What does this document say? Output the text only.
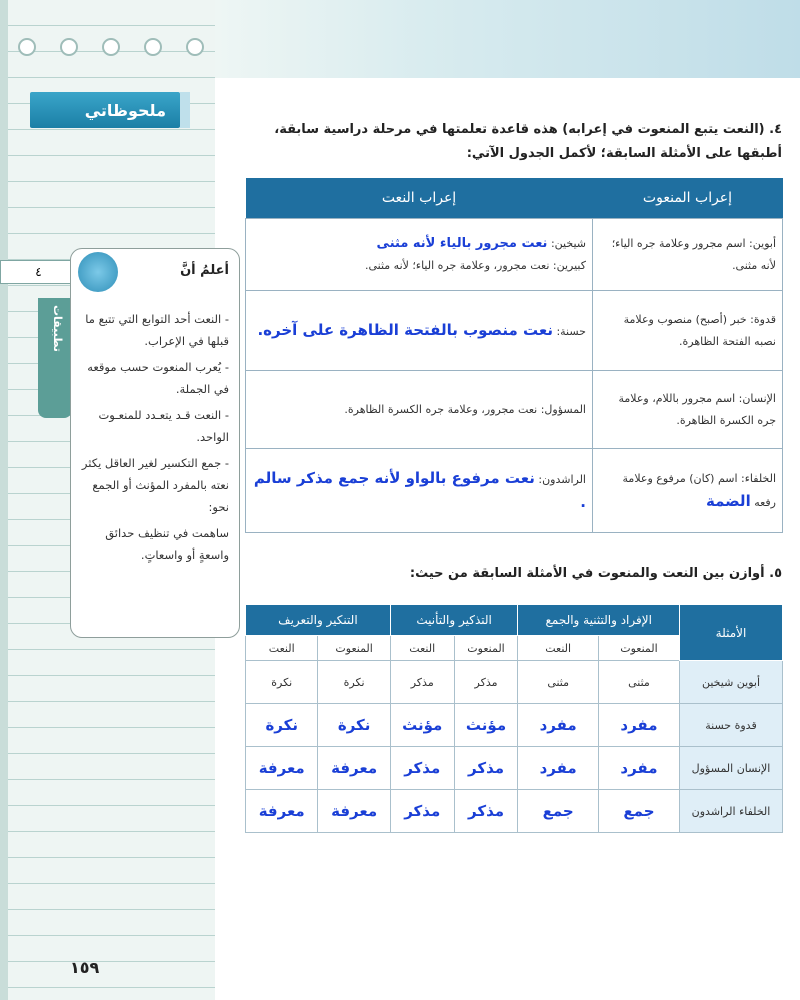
ملحوظاتي
٤
تطبيقات
أعلمُ أنَّ

- النعت أحد التوابع التي تتبع ما قبلها في الإعراب.

- يُعرب المنعوت حسب موقعه في الجملة.

- النعت قـد يتعـدد للمنعـوت الواحد.

- جمع التكسير لغير العاقل يكثر نعته بالمفرد المؤنث أو الجمع نحو:

ساهمت في تنظيف حدائق واسعةٍ أو واسعاتٍ.

١٥٩
٤. (النعت يتبع المنعوت في إعرابه) هذه قاعدة تعلمتها في مرحلة دراسية سابقة، أطبقها على الأمثلة السابقة؛ لأكمل الجدول الآتي:
إعراب المنعوت	إعراب النعت
أبوين: اسم مجرور وعلامة جره الياء؛ لأنه مثنى.	شيخين: نعت مجرور بالياء لأنه مثنى
كبيرين: نعت مجرور، وعلامة جره الياء؛ لأنه مثنى.
قدوة: خبر (أصبح) منصوب وعلامة نصبه الفتحة الظاهرة.	حسنة: نعت منصوب بالفتحة الظاهرة على آخره.
الإنسان: اسم مجرور باللام، وعلامة جره الكسرة الظاهرة.	المسؤول: نعت مجرور، وعلامة جره الكسرة الظاهرة.
الخلفاء: اسم (كان) مرفوع وعلامة رفعه الضمة	الراشدون: نعت مرفوع بالواو لأنه جمع مذكر سالم .
٥. أوازن بين النعت والمنعوت في الأمثلة السابقة من حيث:
الأمثلة	الإفراد والتثنية والجمع		التذكير والتأنيث		التنكير والتعريف	
	المنعوت	النعت	المنعوت	النعت	المنعوت	النعت
أبوين شيخين	مثنى	مثنى	مذكر	مذكر	نكرة	نكرة
قدوة حسنة	مفرد	مفرد	مؤنث	مؤنث	نكرة	نكرة
الإنسان المسؤول	مفرد	مفرد	مذكر	مذكر	معرفة	معرفة
الخلفاء الراشدون	جمع	جمع	مذكر	مذكر	معرفة	معرفة
